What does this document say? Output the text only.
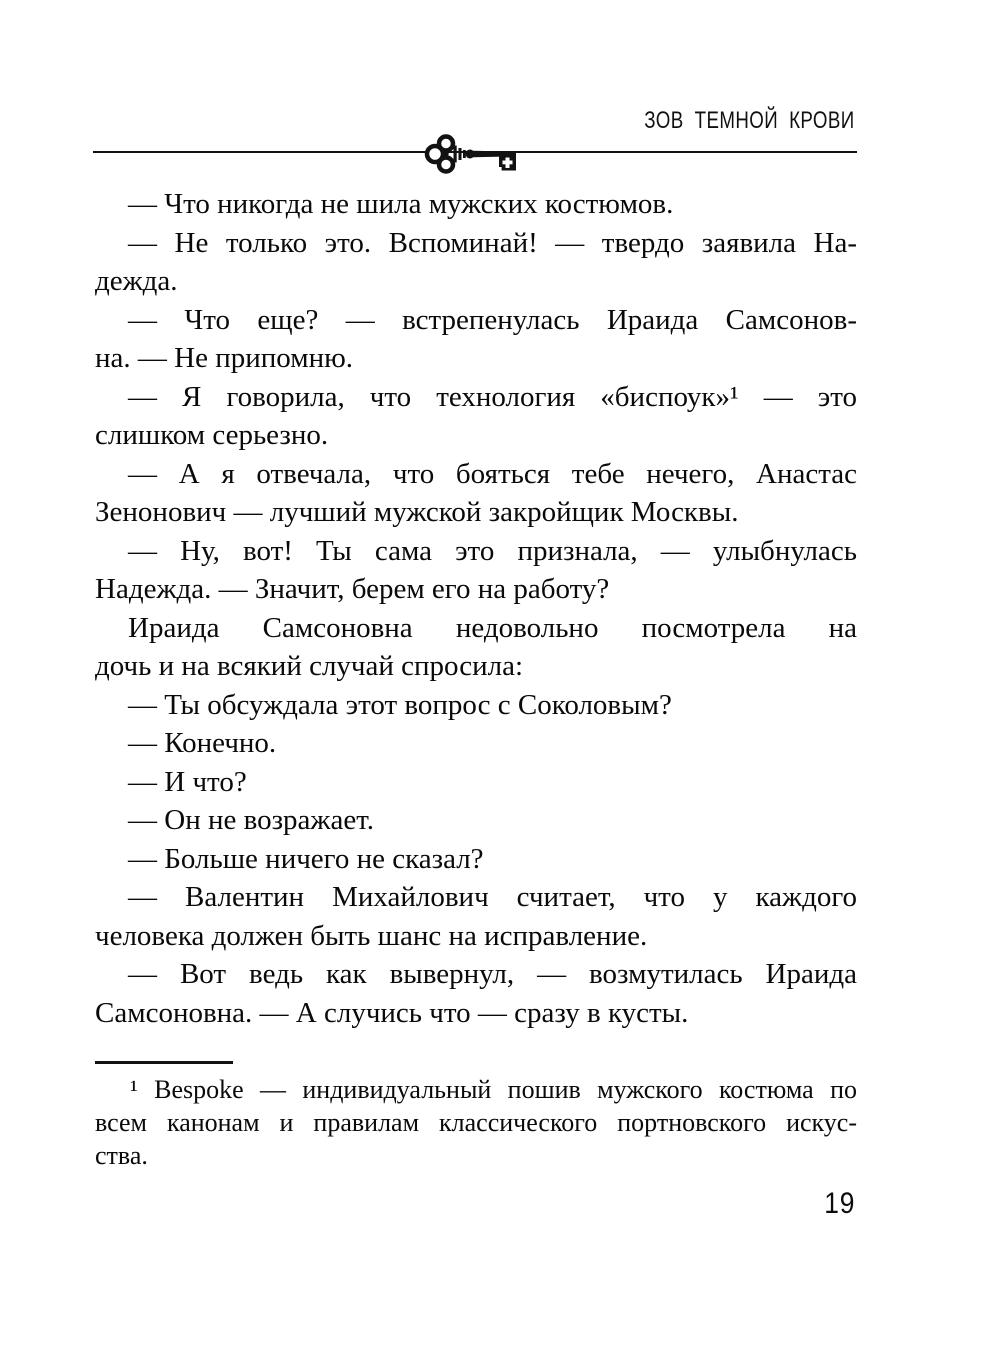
ЗОВ ТЕМНОЙ КРОВИ
— Что никогда не шила мужских костюмов.
— Не только это. Вспоминай! — твердо заявила На-
дежда.
— Что еще? — встрепенулась Ираида Самсонов-
на. — Не припомню.
— Я говорила, что технология «биспоук»¹ — это
слишком серьезно.
— А я отвечала, что бояться тебе нечего, Анастас
Зенонович — лучший мужской закройщик Москвы.
— Ну, вот! Ты сама это признала, — улыбнулась
Надежда. — Значит, берем его на работу?
Ираида Самсоновна недовольно посмотрела на
дочь и на всякий случай спросила:
— Ты обсуждала этот вопрос с Соколовым?
— Конечно.
— И что?
— Он не возражает.
— Больше ничего не сказал?
— Валентин Михайлович считает, что у каждого
человека должен быть шанс на исправление.
— Вот ведь как вывернул, — возмутилась Ираида
Самсоновна. — А случись что — сразу в кусты.
¹ Bespoke — индивидуальный пошив мужского костюма по
всем канонам и правилам классического портновского искус-
ства.
19
